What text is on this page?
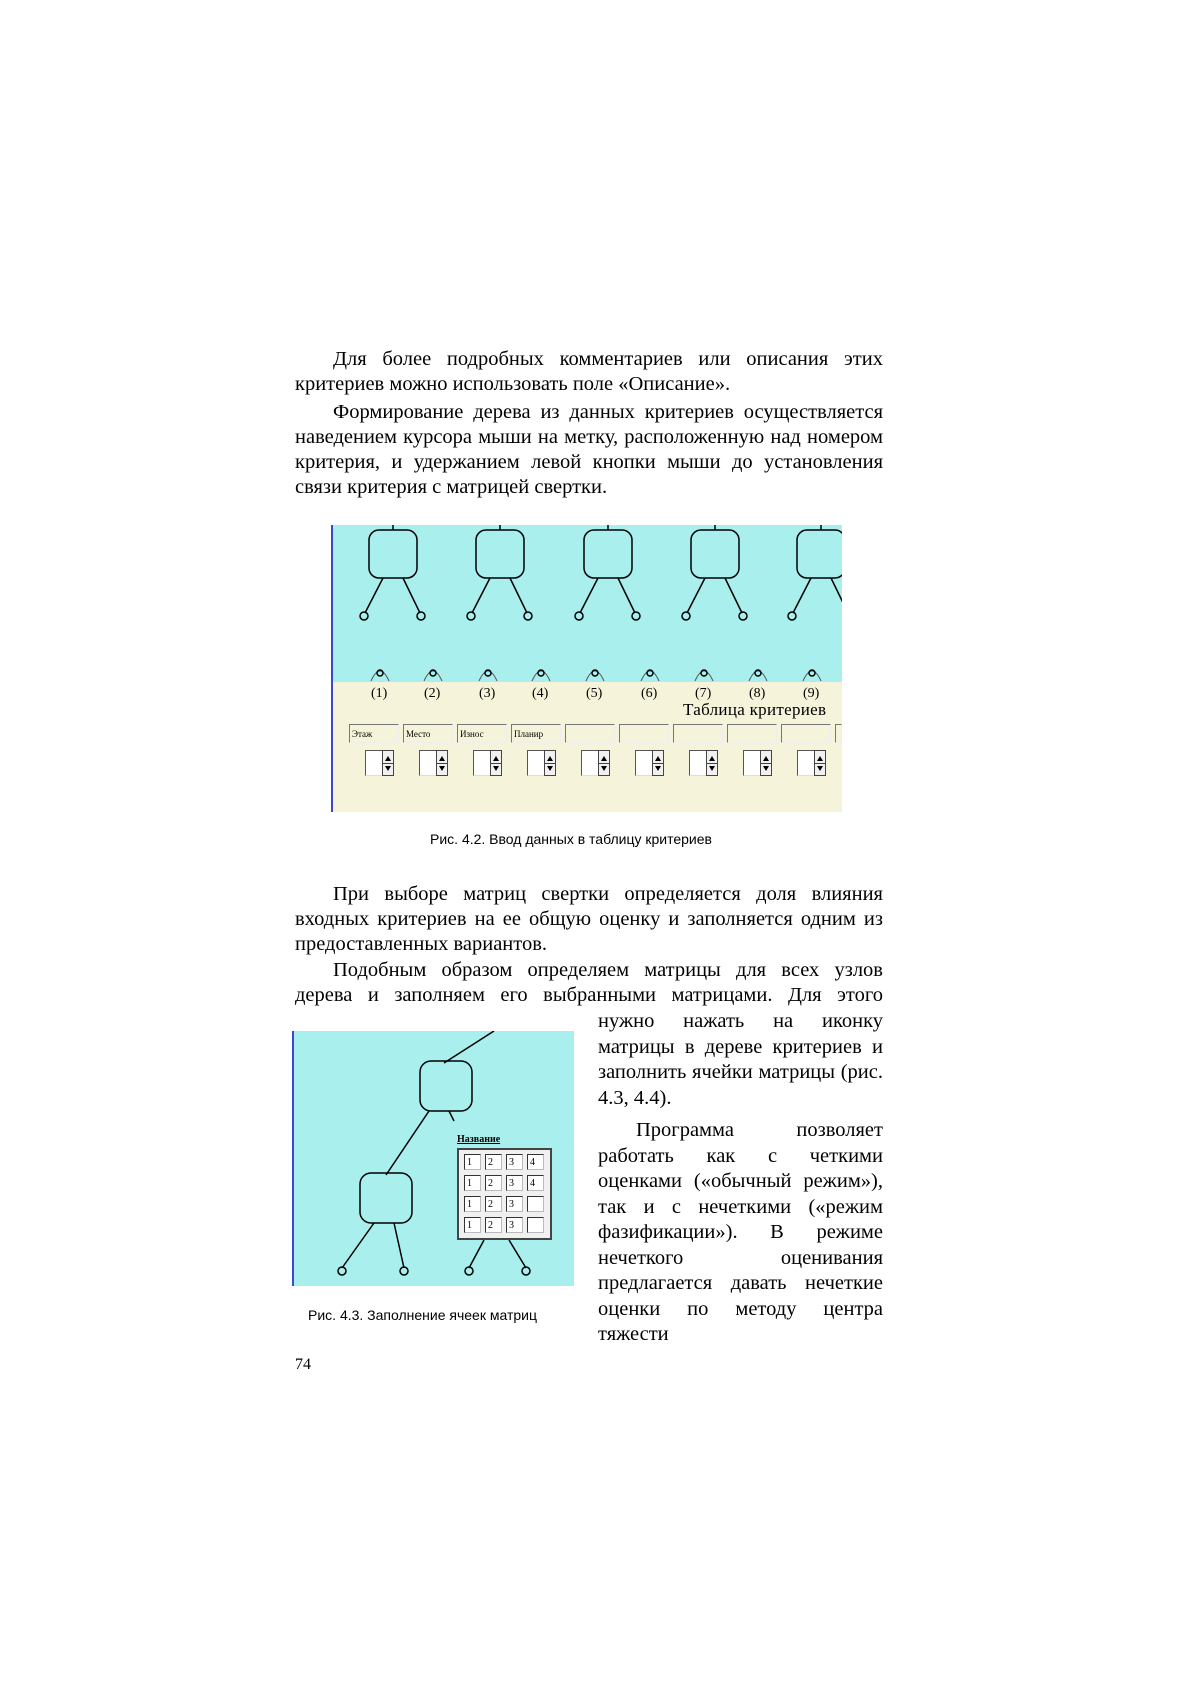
Для более подробных комментариев или описания этих критериев можно использовать поле «Описание».

Формирование дерева из данных критериев осуществляется наведением курсора мыши на метку, расположенную над номером критерия, и удержанием левой кнопки мыши до установления связи критерия с матрицей свертки.

(1)	(2)	(3)	(4)	(5)	(6)	(7)	(8)	(9)
Таблица критериев
Этаж	Место	Износ	Планир
Рис. 4.2. Ввод данных в таблицу критериев

При выборе матриц свертки определяется доля влияния входных критериев на ее общую оценку и заполняется одним из предоставленных вариантов.

Подобным образом определяем матрицы для всех узлов дерева и заполняем его выбранными матрицами. Для этого

Название
1	2	3	4
1	2	3	4
1	2	3
1	2	3
Рис. 4.3. Заполнение ячеек матриц

нужно нажать на иконку матрицы в дереве критериев и заполнить ячейки матрицы (рис. 4.3, 4.4).

Программа позволяет работать как с четкими оценками («обычный режим»), так и с нечеткими («режим фазификации»). В режиме нечеткого оценивания предлагается давать нечеткие оценки по методу центра тяжести

74
